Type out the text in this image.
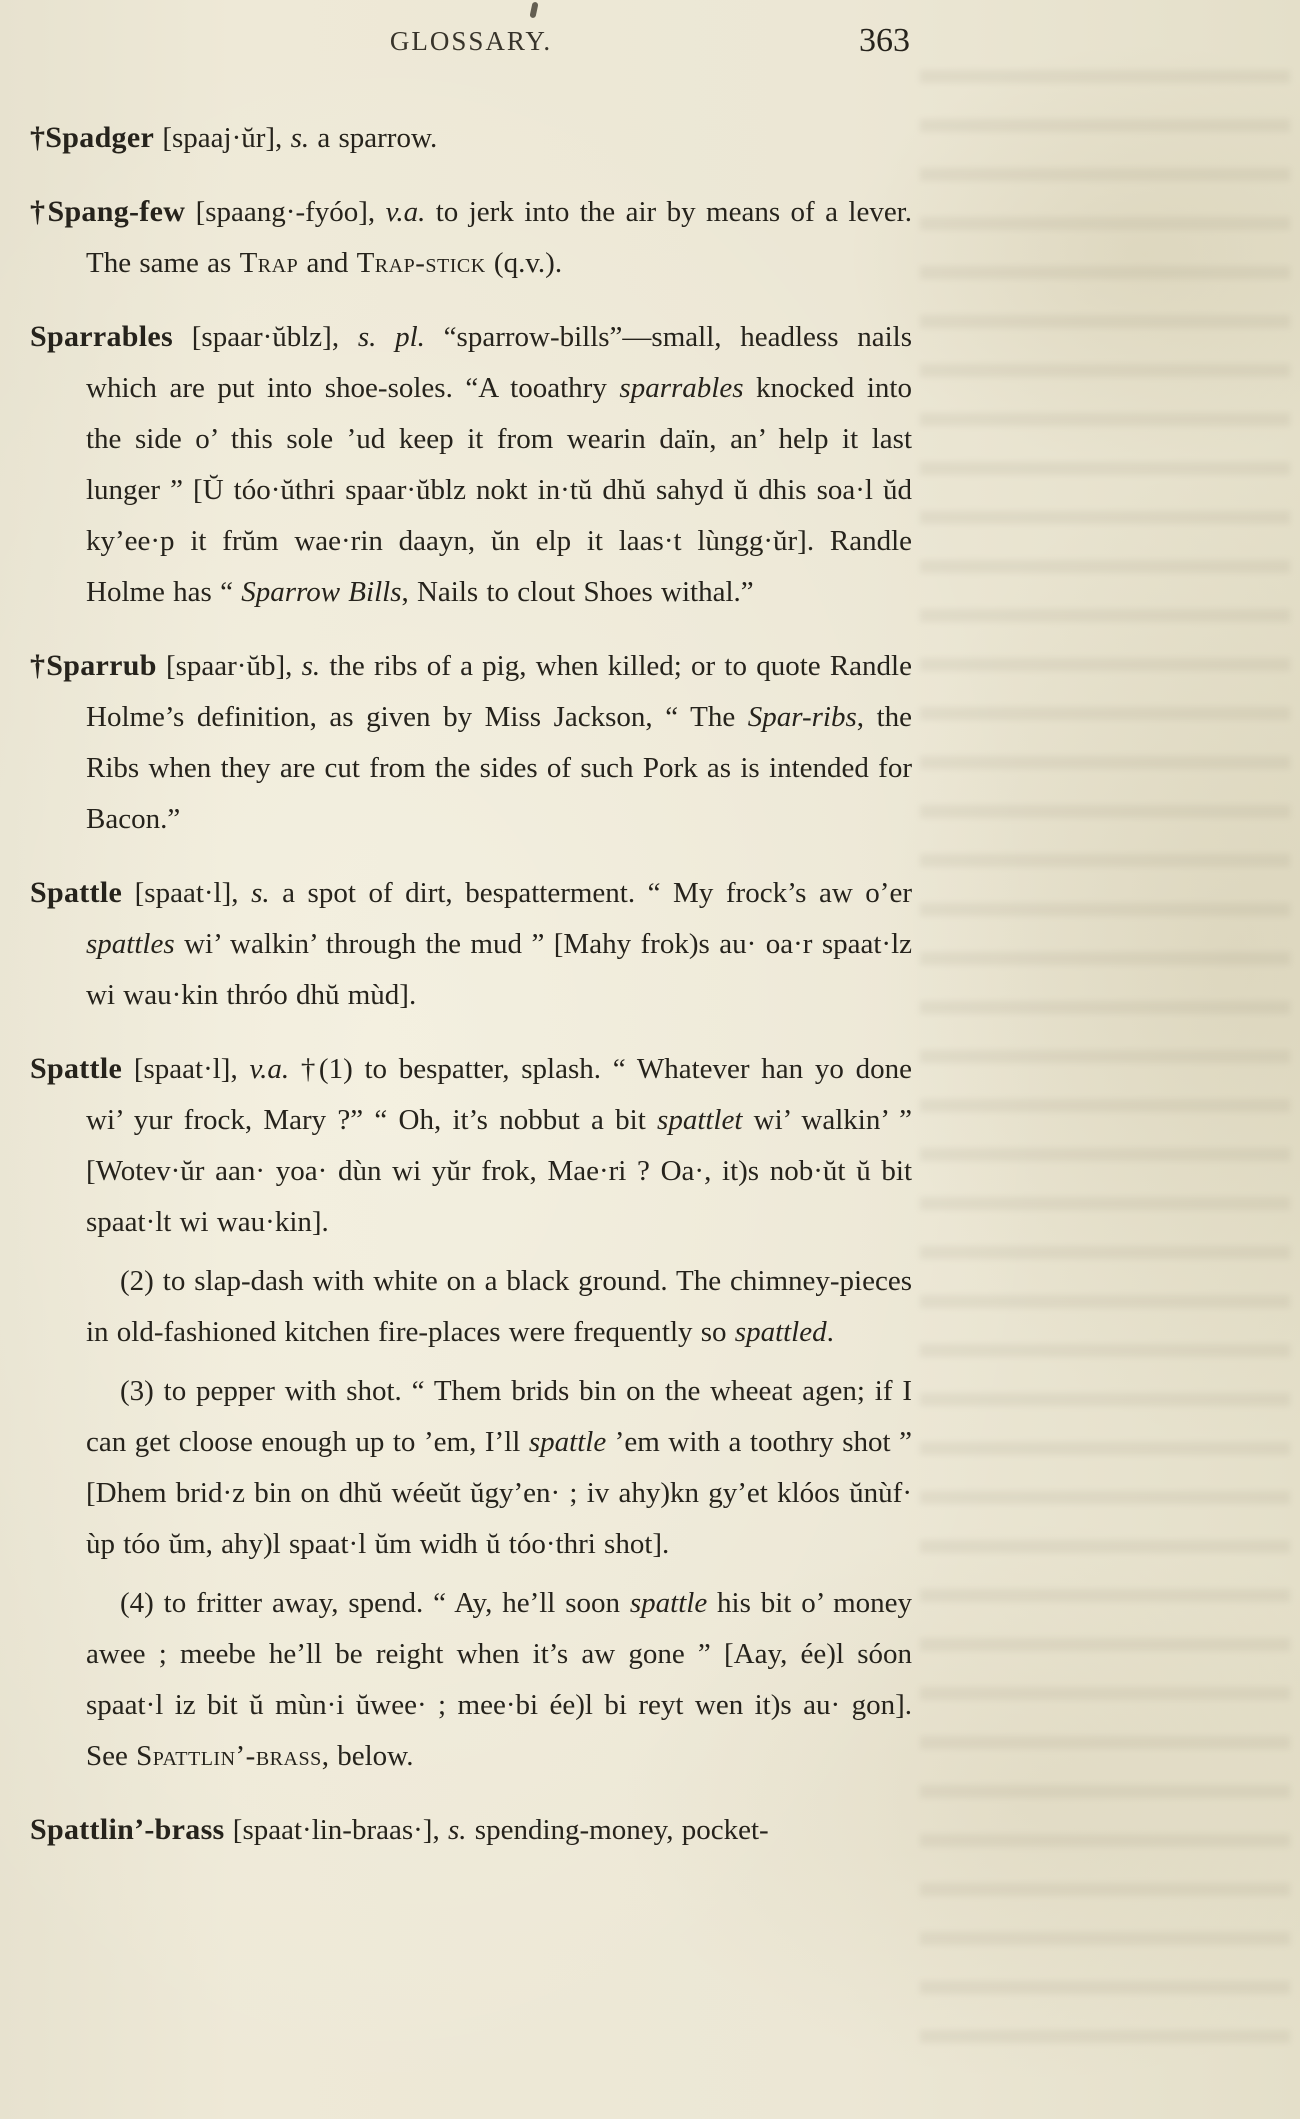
GLOSSARY.	363

†Spadger [spaaj·ŭr], s. a sparrow.

†Spang-few [spaang·-fyóo], v.a. to jerk into the air by means of a lever. The same as Trap and Trap-stick (q.v.).

Sparrables [spaar·ŭblz], s. pl. “sparrow-bills”—small, headless nails which are put into shoe-soles. “A tooathry sparrables knocked into the side o’ this sole ’ud keep it from wearin daïn, an’ help it last lunger ” [Ŭ tóo·ŭthri spaar·ŭblz nokt in·tŭ dhŭ sahyd ŭ dhis soa·l ŭd ky’ee·p it frŭm wae·rin daayn, ŭn elp it laas·t lùngg·ŭr]. Randle Holme has “ Sparrow Bills, Nails to clout Shoes withal.”

†Sparrub [spaar·ŭb], s. the ribs of a pig, when killed; or to quote Randle Holme’s definition, as given by Miss Jackson, “ The Spar-ribs, the Ribs when they are cut from the sides of such Pork as is intended for Bacon.”

Spattle [spaat·l], s. a spot of dirt, bespatterment. “ My frock’s aw o’er spattles wi’ walkin’ through the mud ” [Mahy frok)s au· oa·r spaat·lz wi wau·kin thróo dhŭ mùd].

Spattle [spaat·l], v.a. †(1) to bespatter, splash. “ Whatever han yo done wi’ yur frock, Mary ?” “ Oh, it’s nobbut a bit spattlet wi’ walkin’ ” [Wotev·ŭr aan· yoa· dùn wi yŭr frok, Mae·ri ? Oa·, it)s nob·ŭt ŭ bit spaat·lt wi wau·kin].

(2) to slap-dash with white on a black ground. The chimney-pieces in old-fashioned kitchen fire-places were frequently so spattled.

(3) to pepper with shot. “ Them brids bin on the wheeat agen; if I can get cloose enough up to ’em, I’ll spattle ’em with a toothry shot ” [Dhem brid·z bin on dhŭ wéeŭt ŭgy’en· ; iv ahy)kn gy’et klóos ŭnùf· ùp tóo ŭm, ahy)l spaat·l ŭm widh ŭ tóo·thri shot].

(4) to fritter away, spend. “ Ay, he’ll soon spattle his bit o’ money awee ; meebe he’ll be reight when it’s aw gone ” [Aay, ée)l sóon spaat·l iz bit ŭ mùn·i ŭwee· ; mee·bi ée)l bi reyt wen it)s au· gon]. See Spattlin’-brass, below.

Spattlin’-brass [spaat·lin-braas·], s. spending-money, pocket-
